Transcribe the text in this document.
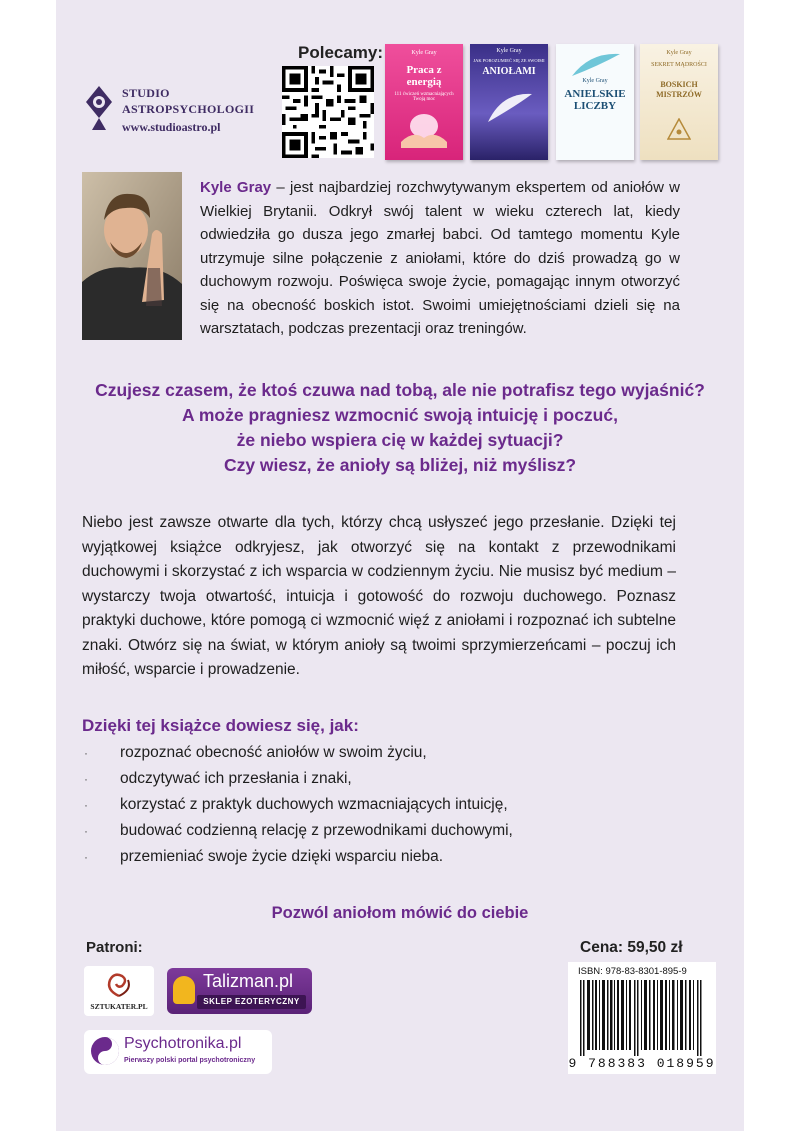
STUDIO
ASTROPSYCHOLOGII
www.studioastro.pl
Polecamy:	Kyle Gray
Praca z energią
111 ćwiczeń wzmacniających Twoją moc
Kyle Gray
JAK POROZUMIEĆ SIĘ ZE SWOIMI
ANIOŁAMI
Kyle Gray
ANIELSKIE LICZBY
Kyle Gray
SEKRET MĄDROŚCI
BOSKICH MISTRZÓW
Kyle Gray – jest najbardziej rozchwytywanym ekspertem od aniołów w Wielkiej Brytanii. Odkrył swój talent w wieku czterech lat, kiedy odwiedziła go dusza jego zmarłej babci. Od tamtego momentu Kyle utrzymuje silne połączenie z aniołami, które do dziś prowadzą go w duchowym rozwoju. Poświęca swoje życie, pomagając innym otworzyć się na obecność boskich istot. Swoimi umiejętnościami dzieli się na warsztatach, podczas prezentacji oraz treningów.
Czujesz czasem, że ktoś czuwa nad tobą, ale nie potrafisz tego wyjaśnić?
A może pragniesz wzmocnić swoją intuicję i poczuć,
że niebo wspiera cię w każdej sytuacji?
Czy wiesz, że anioły są bliżej, niż myślisz?
Niebo jest zawsze otwarte dla tych, którzy chcą usłyszeć jego przesłanie. Dzięki tej wyjątkowej książce odkryjesz, jak otworzyć się na kontakt z przewodnikami duchowymi i skorzystać z ich wsparcia w codziennym życiu. Nie musisz być medium – wystarczy twoja otwartość, intuicja i gotowość do rozwoju duchowego. Poznasz praktyki duchowe, które pomogą ci wzmocnić więź z aniołami i rozpoznać ich subtelne znaki. Otwórz się na świat, w którym anioły są twoimi sprzymierzeńcami – poczuj ich miłość, wsparcie i prowadzenie.
Dzięki tej książce dowiesz się, jak:
· rozpoznać obecność aniołów w swoim życiu,
· odczytywać ich przesłania i znaki,
· korzystać z praktyk duchowych wzmacniających intuicję,
· budować codzienną relację z przewodnikami duchowymi,
· przemieniać swoje życie dzięki wsparciu nieba.
Pozwól aniołom mówić do ciebie
Patroni:
SZTUKATER.PL
Talizman.pl
SKLEP EZOTERYCZNY
Psychotronika.pl
Pierwszy polski portal psychotroniczny
Cena: 59,50 zł
ISBN: 978-83-8301-895-9
9 788383 018959
